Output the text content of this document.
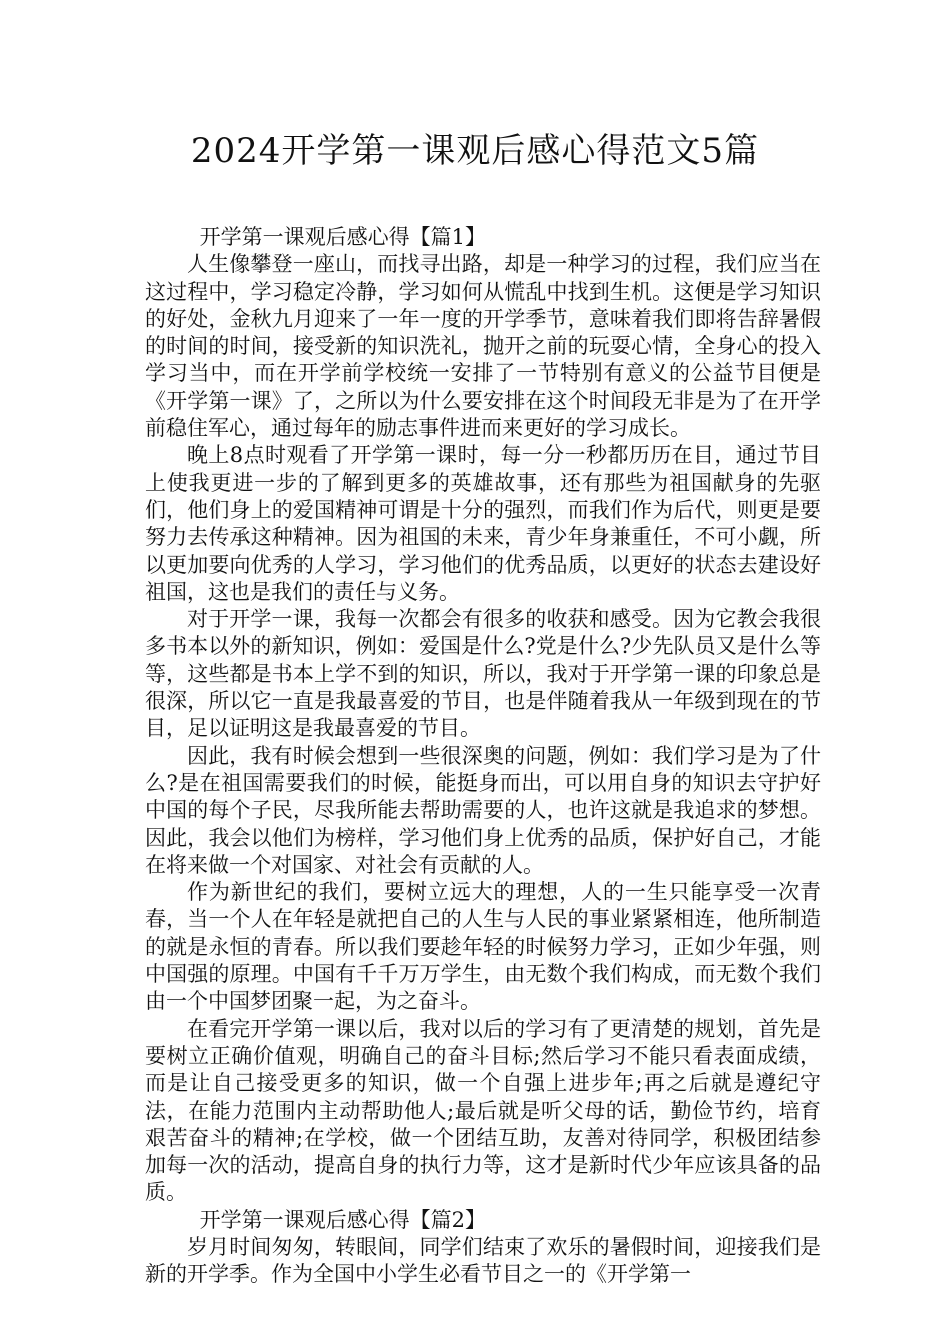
2024开学第一课观后感心得范文5篇

开学第一课观后感心得【篇1】

人生像攀登一座山，而找寻出路，却是一种学习的过程，我们应当在这过程中，学习稳定冷静，学习如何从慌乱中找到生机。这便是学习知识的好处，金秋九月迎来了一年一度的开学季节，意味着我们即将告辞暑假的时间的时间，接受新的知识洗礼，抛开之前的玩耍心情，全身心的投入学习当中，而在开学前学校统一安排了一节特别有意义的公益节目便是《开学第一课》了，之所以为什么要安排在这个时间段无非是为了在开学前稳住军心，通过每年的励志事件进而来更好的学习成长。

晚上8点时观看了开学第一课时，每一分一秒都历历在目，通过节目上使我更进一步的了解到更多的英雄故事，还有那些为祖国献身的先驱们，他们身上的爱国精神可谓是十分的强烈，而我们作为后代，则更是要努力去传承这种精神。因为祖国的未来，青少年身兼重任，不可小觑，所以更加要向优秀的人学习，学习他们的优秀品质，以更好的状态去建设好祖国，这也是我们的责任与义务。

对于开学一课，我每一次都会有很多的收获和感受。因为它教会我很多书本以外的新知识，例如：爱国是什么?党是什么?少先队员又是什么等等，这些都是书本上学不到的知识，所以，我对于开学第一课的印象总是很深，所以它一直是我最喜爱的节目，也是伴随着我从一年级到现在的节目，足以证明这是我最喜爱的节目。

因此，我有时候会想到一些很深奥的问题，例如：我们学习是为了什么?是在祖国需要我们的时候，能挺身而出，可以用自身的知识去守护好中国的每个子民，尽我所能去帮助需要的人，也许这就是我追求的梦想。因此，我会以他们为榜样，学习他们身上优秀的品质，保护好自己，才能在将来做一个对国家、对社会有贡献的人。

作为新世纪的我们，要树立远大的理想，人的一生只能享受一次青春，当一个人在年轻是就把自己的人生与人民的事业紧紧相连，他所制造的就是永恒的青春。所以我们要趁年轻的时候努力学习，正如少年强，则中国强的原理。中国有千千万万学生，由无数个我们构成，而无数个我们由一个中国梦团聚一起，为之奋斗。

在看完开学第一课以后，我对以后的学习有了更清楚的规划，首先是要树立正确价值观，明确自己的奋斗目标;然后学习不能只看表面成绩，而是让自己接受更多的知识，做一个自强上进步年;再之后就是遵纪守法，在能力范围内主动帮助他人;最后就是听父母的话，勤俭节约，培育艰苦奋斗的精神;在学校，做一个团结互助，友善对待同学，积极团结参加每一次的活动，提高自身的执行力等，这才是新时代少年应该具备的品质。

开学第一课观后感心得【篇2】

岁月时间匆匆，转眼间，同学们结束了欢乐的暑假时间，迎接我们是新的开学季。作为全国中小学生必看节目之一的《开学第一
